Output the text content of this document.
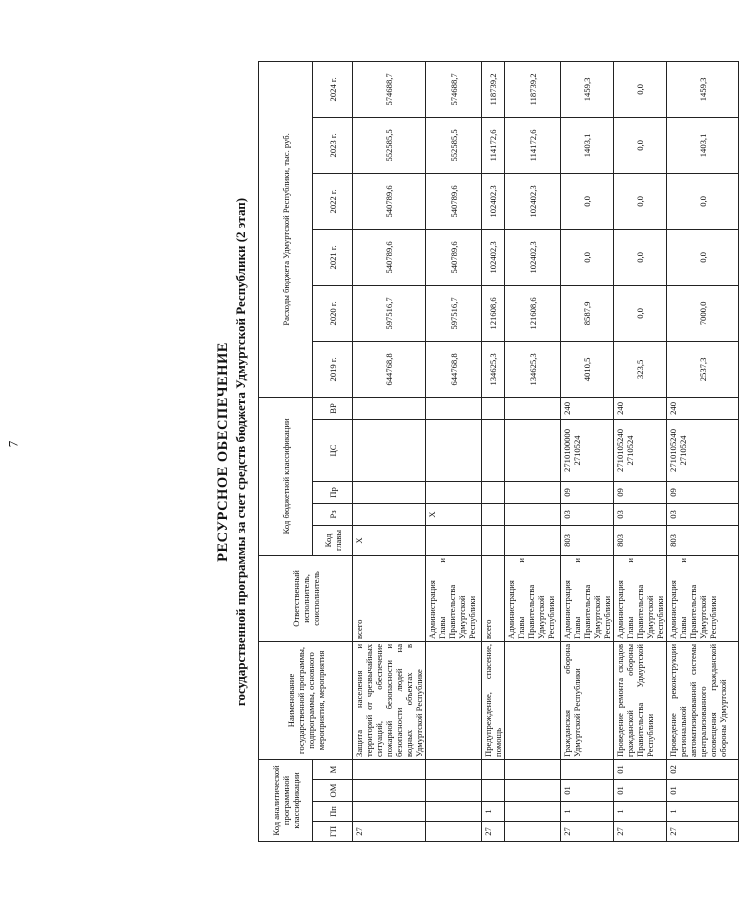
7	РЕСУРСНОЕ ОБЕСПЕЧЕНИЕ государственной программы за счет средств бюджета Удмуртской Республики (2 этап)
Код аналитической программной классификации				Наименование государственной программы, подпрограммы, основного мероприятия, мероприятия	Ответственный исполнитель, соисполнитель	Код бюджетной классификации					Расходы бюджета Удмуртской Республики, тыс. руб.					
ГП	Пп	ОМ	М			Код главы	Рз	Пр	ЦС	ВР	2019 г.	2020 г.	2021 г.	2022 г.	2023 г.	2024 г.
27				Защита населения и территорий от чрезвычайных ситуаций, обеспечение пожарной безопасности и безопасности людей на водных объектах в Удмуртской Республике	всего	Х					644768,8	597516,7	540789,6	540789,6	552585,5	574688,7
					Администрация Главы и Правительства Удмуртской Республики		Х				644768,8	597516,7	540789,6	540789,6	552585,5	574688,7
27	1			Предупреждение, спасение, помощь	всего						134625,3	121608,6	102402,3	102402,3	114172,6	118739,2
					Администрация Главы и Правительства Удмуртской Республики						134625,3	121608,6	102402,3	102402,3	114172,6	118739,2
27	1	01		Гражданская оборона Удмуртской Республики	Администрация Главы и Правительства Удмуртской Республики	803	03	09	2710100000 2710524	240	4010,5	8587,9	0,0	0,0	1403,1	1459,3
27	1	01	01	Проведение ремонта складов гражданской обороны Правительства Удмуртской Республики	Администрация Главы и Правительства Удмуртской Республики	803	03	09	2710105240 2710524	240	323,5	0,0	0,0	0,0	0,0	0,0
27	1	01	02	Проведение реконструкции региональной автоматизированной системы централизованного оповещения гражданской обороны Удмуртской	Администрация Главы и Правительства Удмуртской Республики	803	03	09	2710105240 2710524	240	2537,3	7000,0	0,0	0,0	1403,1	1459,3
